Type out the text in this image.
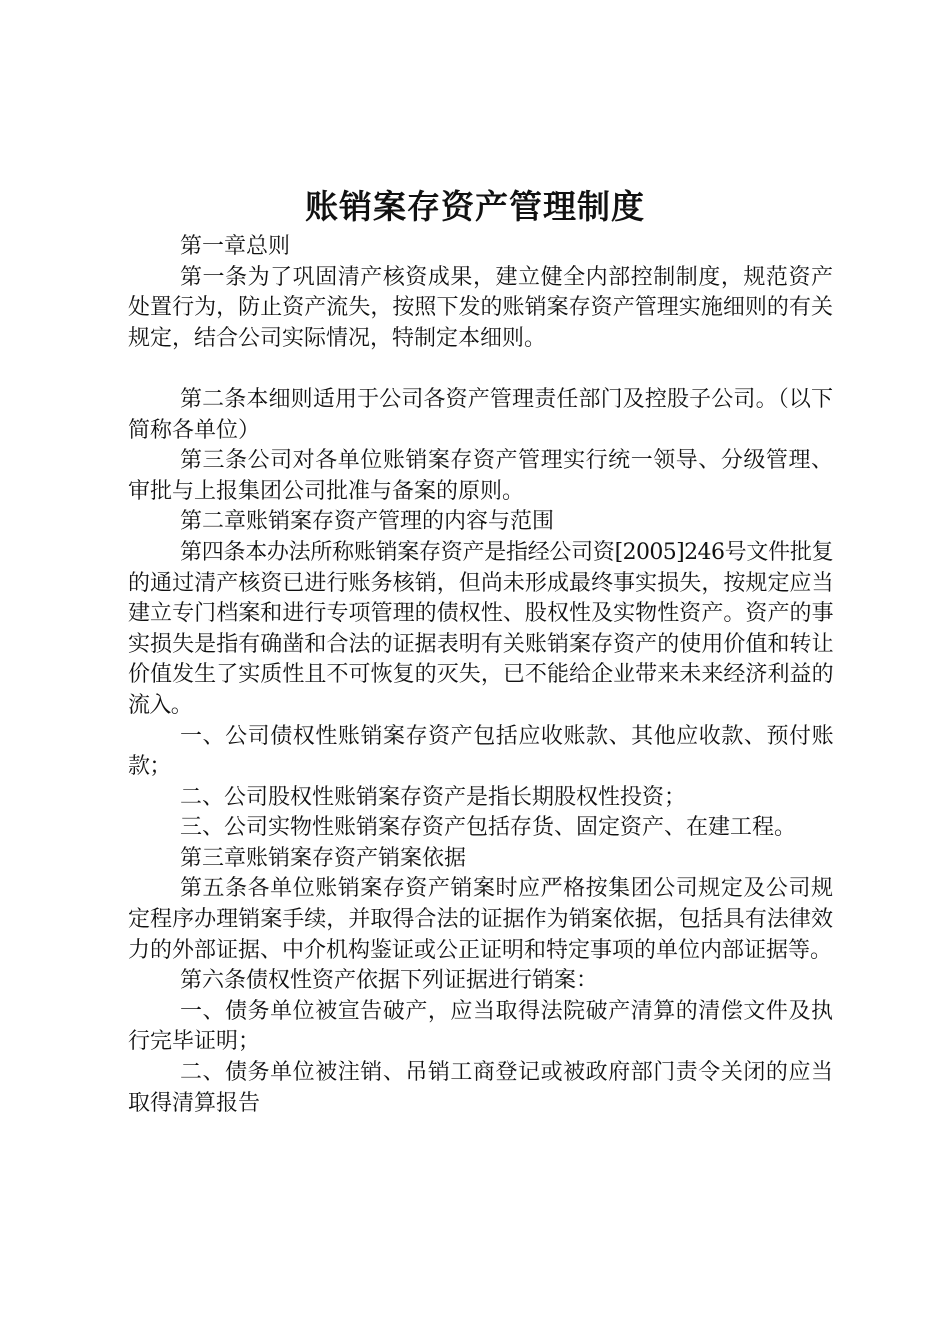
账销案存资产管理制度

第一章总则

第一条为了巩固清产核资成果，建立健全内部控制制度，规范资产处置行为，防止资产流失，按照下发的账销案存资产管理实施细则的有关规定，结合公司实际情况，特制定本细则。

第二条本细则适用于公司各资产管理责任部门及控股子公司。（以下简称各单位）

第三条公司对各单位账销案存资产管理实行统一领导、分级管理、审批与上报集团公司批准与备案的原则。

第二章账销案存资产管理的内容与范围

第四条本办法所称账销案存资产是指经公司资[2005]246号文件批复的通过清产核资已进行账务核销，但尚未形成最终事实损失，按规定应当建立专门档案和进行专项管理的债权性、股权性及实物性资产。资产的事实损失是指有确凿和合法的证据表明有关账销案存资产的使用价值和转让价值发生了实质性且不可恢复的灭失，已不能给企业带来未来经济利益的流入。

一、公司债权性账销案存资产包括应收账款、其他应收款、预付账款；

二、公司股权性账销案存资产是指长期股权性投资；

三、公司实物性账销案存资产包括存货、固定资产、在建工程。

第三章账销案存资产销案依据

第五条各单位账销案存资产销案时应严格按集团公司规定及公司规定程序办理销案手续，并取得合法的证据作为销案依据，包括具有法律效力的外部证据、中介机构鉴证或公正证明和特定事项的单位内部证据等。

第六条债权性资产依据下列证据进行销案：

一、债务单位被宣告破产，应当取得法院破产清算的清偿文件及执行完毕证明；

二、债务单位被注销、吊销工商登记或被政府部门责令关闭的应当取得清算报告
